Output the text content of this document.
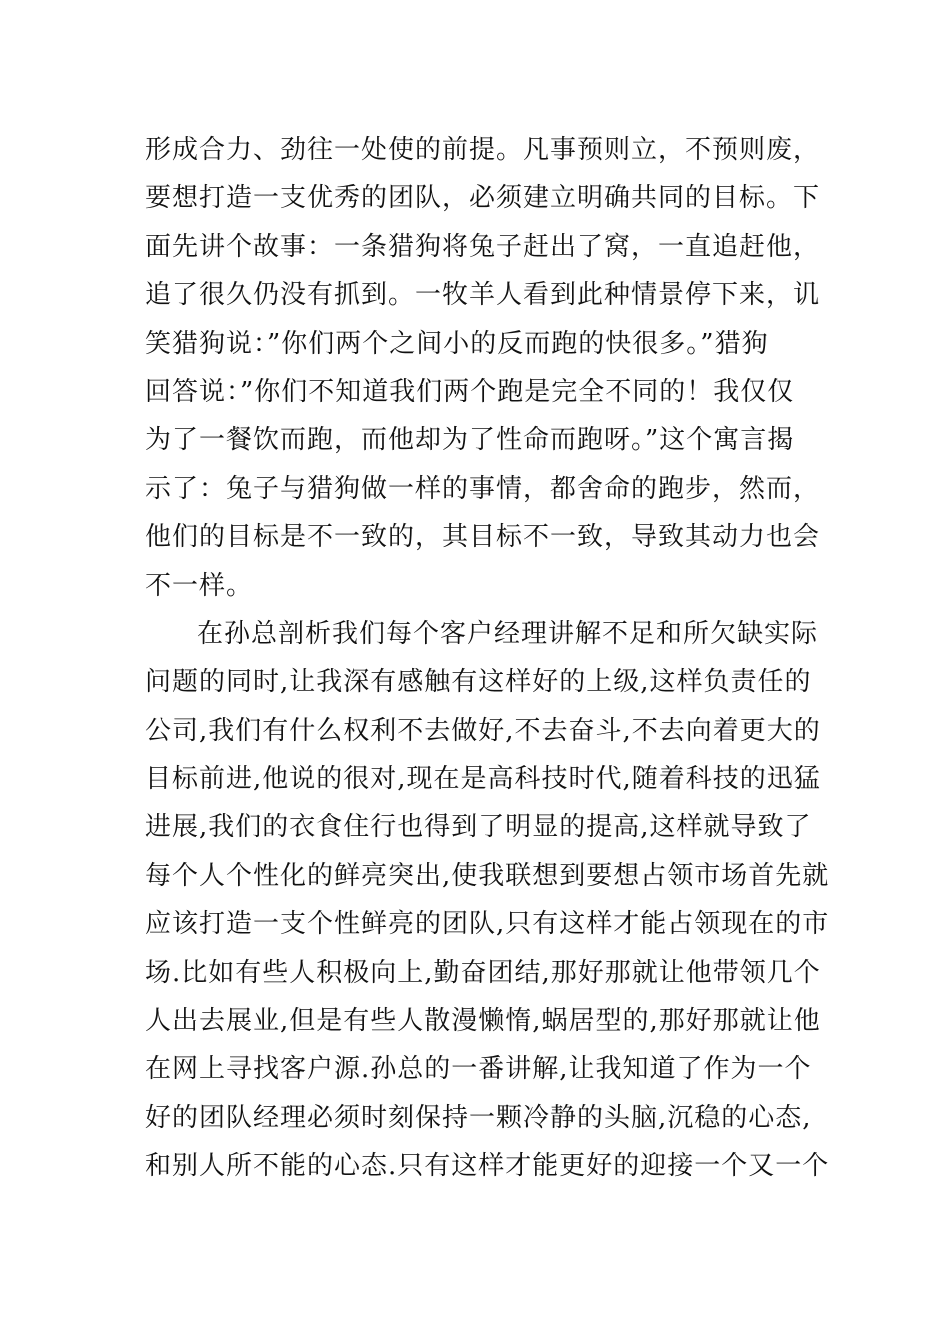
形成合力、劲往一处使的前提。凡事预则立，不预则废，
要想打造一支优秀的团队，必须建立明确共同的目标。下
面先讲个故事：一条猎狗将兔子赶出了窝，一直追赶他，
追了很久仍没有抓到。一牧羊人看到此种情景停下来，讥
笑猎狗说：”你们两个之间小的反而跑的快很多。”猎狗
回答说：”你们不知道我们两个跑是完全不同的！我仅仅
为了一餐饮而跑，而他却为了性命而跑呀。”这个寓言揭
示了：兔子与猎狗做一样的事情，都舍命的跑步，然而，
他们的目标是不一致的，其目标不一致，导致其动力也会
不一样。
在孙总剖析我们每个客户经理讲解不足和所欠缺实际
问题的同时,让我深有感触有这样好的上级,这样负责任的
公司,我们有什么权利不去做好,不去奋斗,不去向着更大的
目标前进,他说的很对,现在是高科技时代,随着科技的迅猛
进展,我们的衣食住行也得到了明显的提高,这样就导致了
每个人个性化的鲜亮突出,使我联想到要想占领市场首先就
应该打造一支个性鲜亮的团队,只有这样才能占领现在的市
场.比如有些人积极向上,勤奋团结,那好那就让他带领几个
人出去展业,但是有些人散漫懒惰,蜗居型的,那好那就让他
在网上寻找客户源.孙总的一番讲解,让我知道了作为一个
好的团队经理必须时刻保持一颗冷静的头脑,沉稳的心态,
和别人所不能的心态.只有这样才能更好的迎接一个又一个
